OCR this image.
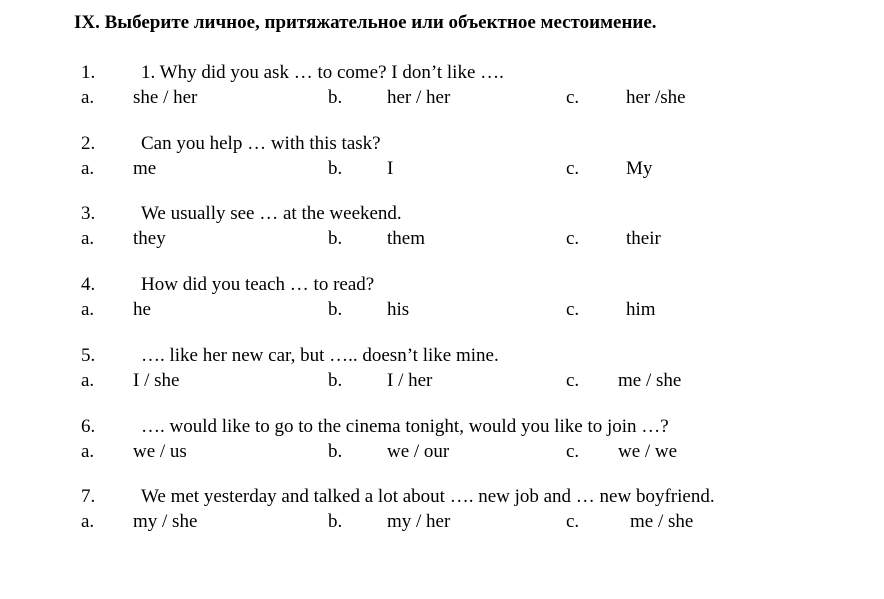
IX. Выберите личное, притяжательное или объектное местоимение.
1. 1. Why did you ask … to come? I don’t like ….
a. she / her	b. her / her	c. her /she
2. Can you help … with this task?
a. me	b. I	c. My
3. We usually see … at the weekend.
a. they	b. them	c. their
4. How did you teach … to read?
a. he	b. his	c. him
5. …. like her new car, but ….. doesn’t like mine.
a. I / she	b. I / her	c. me / she
6. …. would like to go to the cinema tonight, would you like to join …?
a. we / us	b. we / our	c. we / we
7. We met yesterday and talked a lot about …. new job and … new boyfriend.
a. my / she	b. my / her	c.	me / she
